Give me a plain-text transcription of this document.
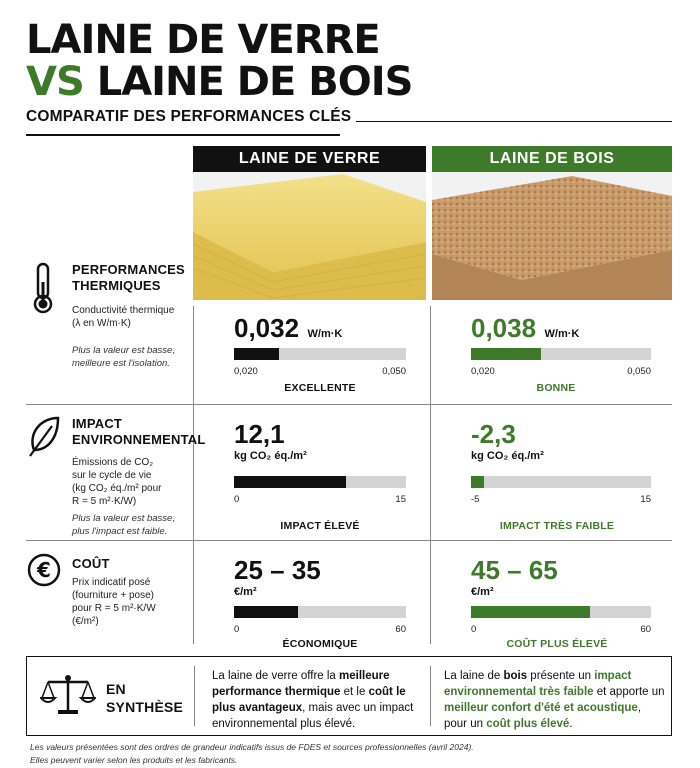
LAINE DE VERRE
VS LAINE DE BOIS
COMPARATIF DES PERFORMANCES CLÉS
LAINE DE VERRE	LAINE DE BOIS
PERFORMANCES
THERMIQUES
Conductivité thermique
(λ en W/m·K)
Plus la valeur est basse,
meilleure est l'isolation.
0,032 W/m·K
0,020	0,050
EXCELLENTE
0,038 W/m·K
0,020	0,050
BONNE
IMPACT
ENVIRONNEMENTAL
Émissions de CO₂
sur le cycle de vie
(kg CO₂ éq./m² pour
R = 5 m²·K/W)
Plus la valeur est basse,
plus l'impact est faible.
12,1
kg CO₂ éq./m²
0	15
IMPACT ÉLEVÉ
-2,3
kg CO₂ éq./m²
-5	15
IMPACT TRÈS FAIBLE
€ COÛT
Prix indicatif posé
(fourniture + pose)
pour R = 5 m²·K/W
(€/m²)
25 – 35
€/m²
0	60
ÉCONOMIQUE
45 – 65
€/m²
0	60
COÛT PLUS ÉLEVÉ
EN
SYNTHÈSE
La laine de verre offre la meilleure performance thermique et le coût le plus avantageux, mais avec un impact environnemental plus élevé.
La laine de bois présente un impact environnemental très faible et apporte un meilleur confort d'été et acoustique, pour un coût plus élevé.
Les valeurs présentées sont des ordres de grandeur indicatifs issus de FDES et sources professionnelles (avril 2024).
Elles peuvent varier selon les produits et les fabricants.
